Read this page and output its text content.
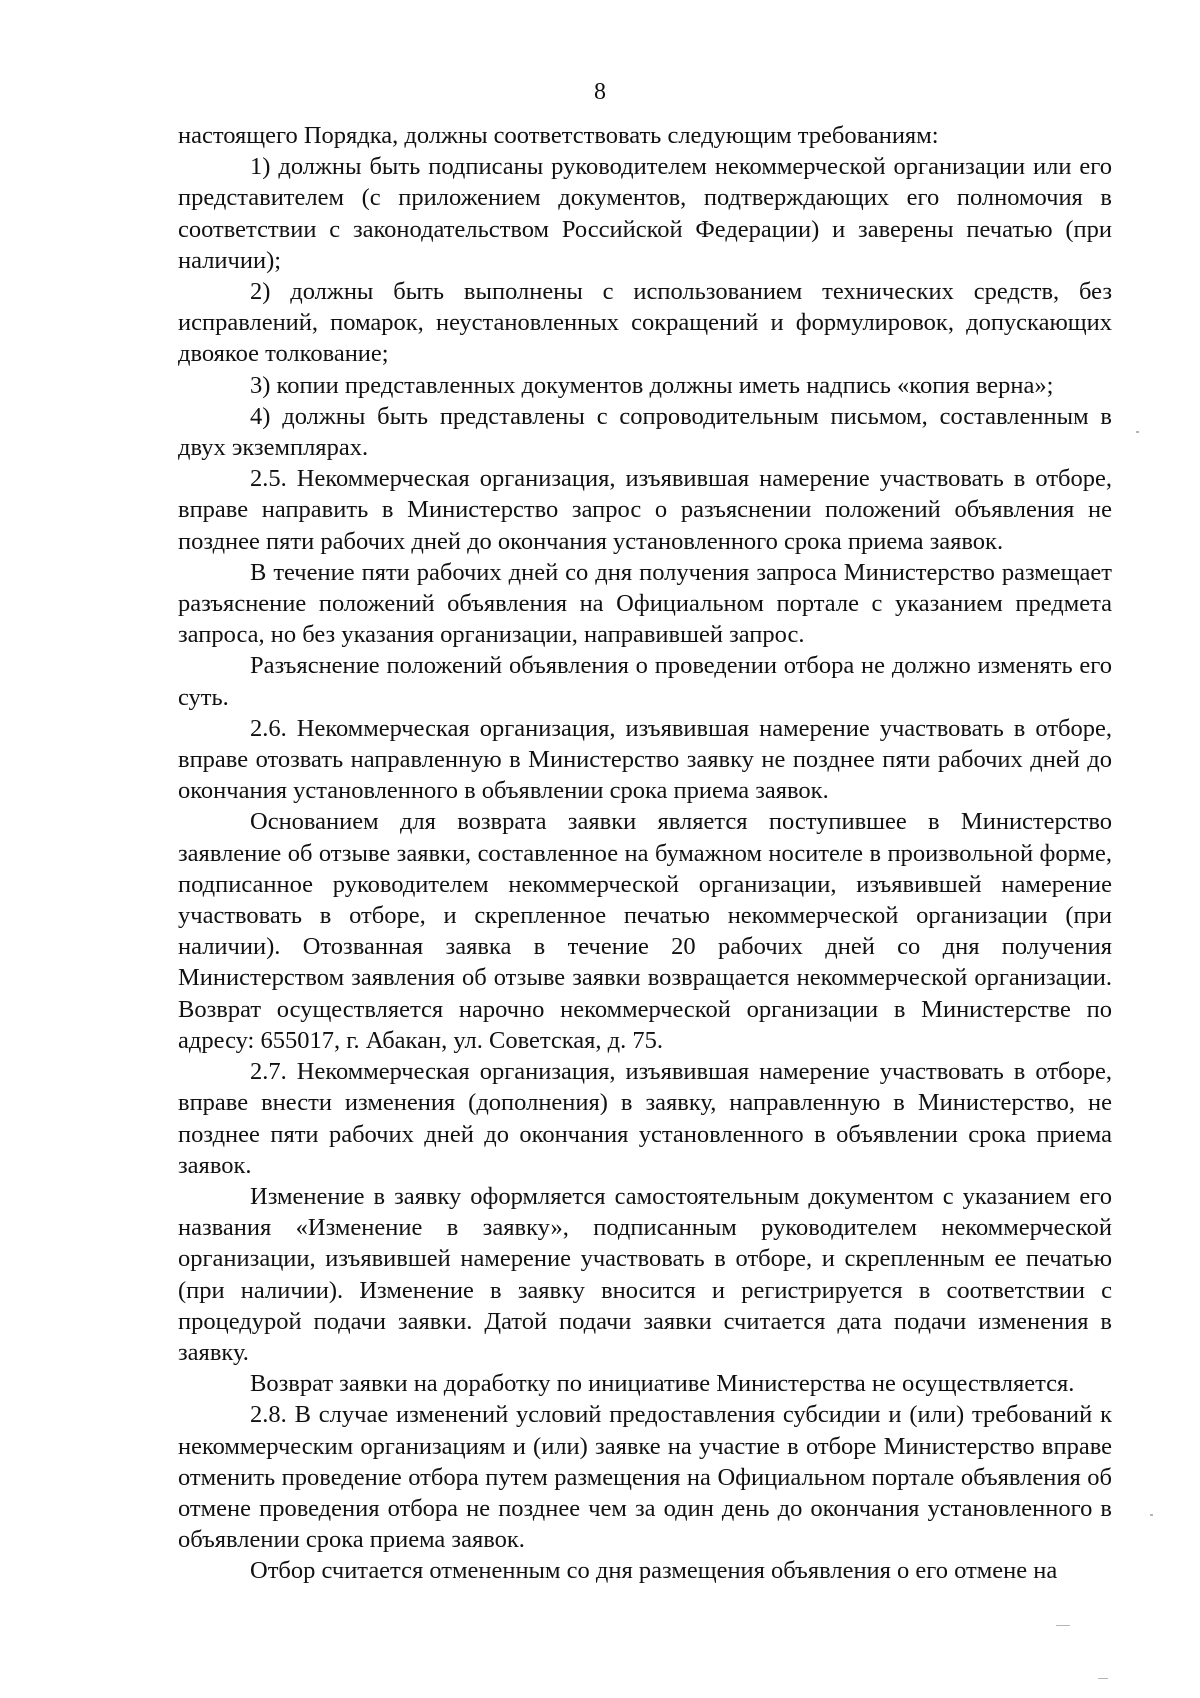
8

настоящего Порядка, должны соответствовать следующим требованиям:

1) должны быть подписаны руководителем некоммерческой организации или его представителем (с приложением документов, подтверждающих его полномочия в соответствии с законодательством Российской Федерации) и заверены печатью (при наличии);

2) должны быть выполнены с использованием технических средств, без исправлений, помарок, неустановленных сокращений и формулировок, допускающих двоякое толкование;

3) копии представленных документов должны иметь надпись «копия верна»;

4) должны быть представлены с сопроводительным письмом, составленным в двух экземплярах.

2.5. Некоммерческая организация, изъявившая намерение участвовать в отборе, вправе направить в Министерство запрос о разъяснении положений объявления не позднее пяти рабочих дней до окончания установленного срока приема заявок.

В течение пяти рабочих дней со дня получения запроса Министерство размещает разъяснение положений объявления на Официальном портале с указанием предмета запроса, но без указания организации, направившей запрос.

Разъяснение положений объявления о проведении отбора не должно изменять его суть.

2.6. Некоммерческая организация, изъявившая намерение участвовать в отборе, вправе отозвать направленную в Министерство заявку не позднее пяти рабочих дней до окончания установленного в объявлении срока приема заявок.

Основанием для возврата заявки является поступившее в Министерство заявление об отзыве заявки, составленное на бумажном носителе в произвольной форме, подписанное руководителем некоммерческой организации, изъявившей намерение участвовать в отборе, и скрепленное печатью некоммерческой организации (при наличии). Отозванная заявка в течение 20 рабочих дней со дня получения Министерством заявления об отзыве заявки возвращается некоммерческой организации. Возврат осуществляется нарочно некоммерческой организации в Министерстве по адресу: 655017, г. Абакан, ул. Советская, д. 75.

2.7. Некоммерческая организация, изъявившая намерение участвовать в отборе, вправе внести изменения (дополнения) в заявку, направленную в Министерство, не позднее пяти рабочих дней до окончания установленного в объявлении срока приема заявок.

Изменение в заявку оформляется самостоятельным документом с указанием его названия «Изменение в заявку», подписанным руководителем некоммерческой организации, изъявившей намерение участвовать в отборе, и скрепленным ее печатью (при наличии). Изменение в заявку вносится и регистрируется в соответствии с процедурой подачи заявки. Датой подачи заявки считается дата подачи изменения в заявку.

Возврат заявки на доработку по инициативе Министерства не осуществляется.

2.8. В случае изменений условий предоставления субсидии и (или) требований к некоммерческим организациям и (или) заявке на участие в отборе Министерство вправе отменить проведение отбора путем размещения на Официальном портале объявления об отмене проведения отбора не позднее чем за один день до окончания установленного в объявлении срока приема заявок.

Отбор считается отмененным со дня размещения объявления о его отмене на
